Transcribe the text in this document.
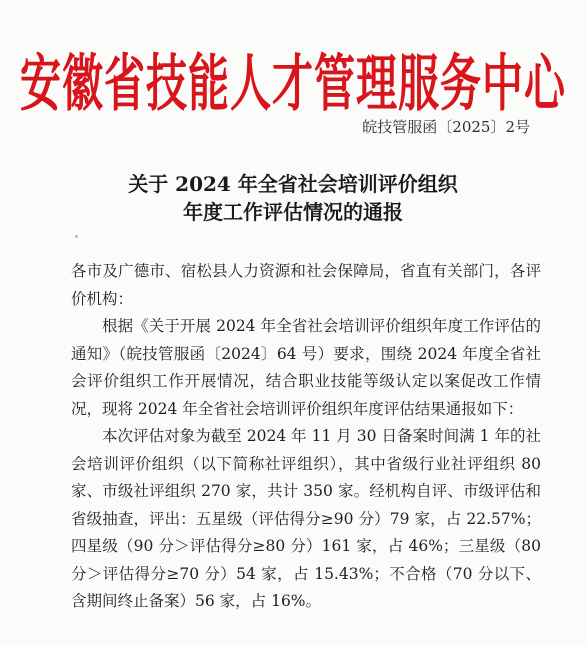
安徽省技能人才管理服务中心
皖技管服函〔2025〕2号
关于 2024 年全省社会培训评价组织
年度工作评估情况的通报

各市及广德市、宿松县人力资源和社会保障局，省直有关部门，各评价机构：

根据《关于开展 2024 年全省社会培训评价组织年度工作评估的通知》（皖技管服函〔2024〕64 号）要求，围绕 2024 年度全省社会评价组织工作开展情况，结合职业技能等级认定以案促改工作情况，现将 2024 年全省社会培训评价组织年度评估结果通报如下：

本次评估对象为截至 2024 年 11 月 30 日备案时间满 1 年的社会培训评价组织（以下简称社评组织），其中省级行业社评组织 80 家、市级社评组织 270 家，共计 350 家。经机构自评、市级评估和省级抽查，评出：五星级（评估得分≥90 分）79 家，占 22.57%；四星级（90 分＞评估得分≥80 分）161 家，占 46%；三星级（80 分＞评估得分≥70 分）54 家，占 15.43%；不合格（70 分以下、含期间终止备案）56 家，占 16%。
